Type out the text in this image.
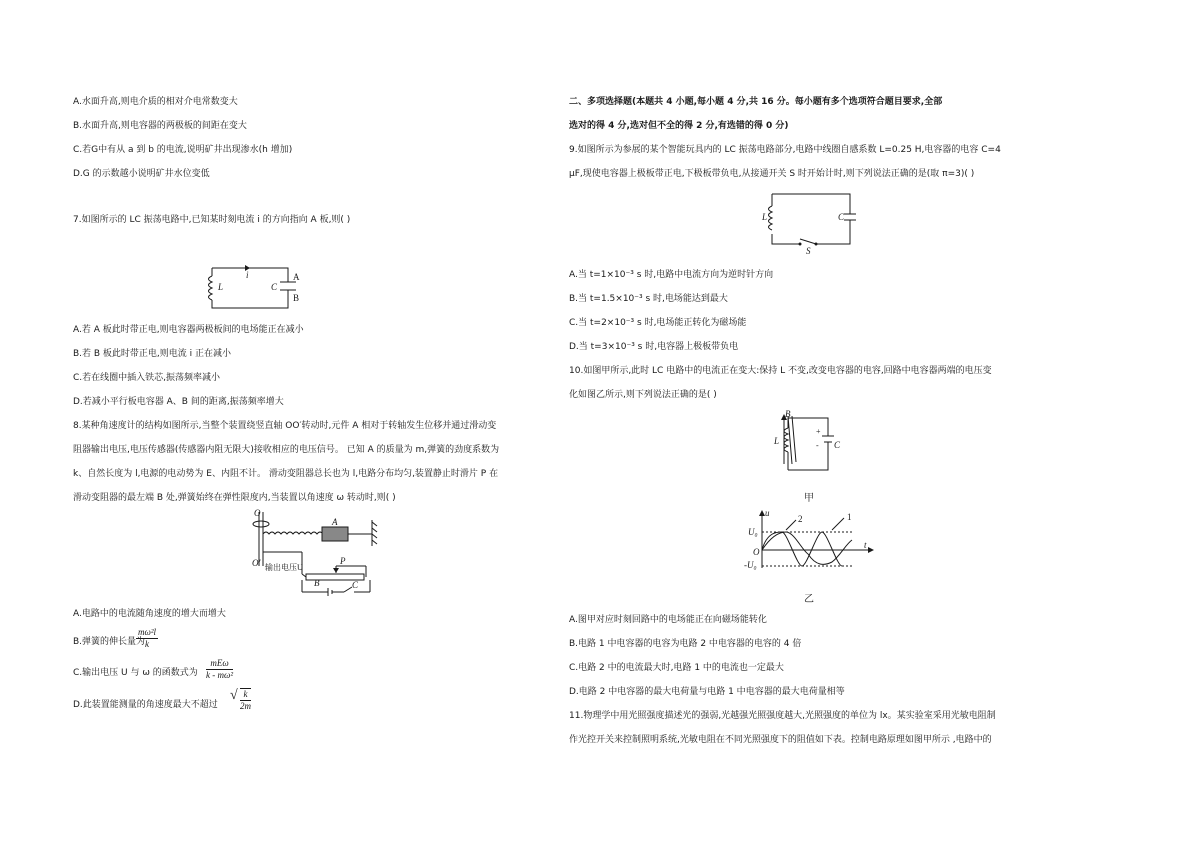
A.水面升高,则电介质的相对介电常数变大
B.水面升高,则电容器的两极板的间距在变大
C.若G中有从 a 到 b 的电流,说明矿井出现渗水(h 增加)
D.G 的示数越小说明矿井水位变低
7.如图所示的 LC 振荡电路中,已知某时刻电流 i 的方向指向 A 板,则( )
i
L	C
A
B
A.若 A 板此时带正电,则电容器两极板间的电场能正在减小
B.若 B 板此时带正电,则电流 i 正在减小
C.若在线圈中插入铁芯,振荡频率减小
D.若减小平行板电容器 A、B 间的距离,振荡频率增大
8.某种角速度计的结构如图所示,当整个装置绕竖直轴 OO′转动时,元件 A 相对于转轴发生位移并通过滑动变
阻器输出电压,电压传感器(传感器内阻无限大)接收相应的电压信号。 已知 A 的质量为 m,弹簧的劲度系数为
k、自然长度为 l,电源的电动势为 E、内阻不计。 滑动变阻器总长也为 l,电路分布均匀,装置静止时滑片 P 在
滑动变阻器的最左端 B 处,弹簧始终在弹性限度内,当装置以角速度 ω 转动时,则( )
O
O′
A
输出电压U
P
B	C
A.电路中的电流随角速度的增大而增大
B.弹簧的伸长量为
$\frac{\text{mω²l}}{k}$
C.输出电压 U 与 ω 的函数式为
mEω
k - mω²
D.此装置能测量的角速度最大不超过
√ $\frac{k}{2m}$
二、多项选择题(本题共 4 小题,每小题 4 分,共 16 分。每小题有多个选项符合题目要求,全部
选对的得 4 分,选对但不全的得 2 分,有选错的得 0 分)
9.如图所示为参展的某个智能玩具内的 LC 振荡电路部分,电路中线圈自感系数 L=0.25 H,电容器的电容 C=4
μF,现使电容器上极板带正电,下极板带负电,从接通开关 S 时开始计时,则下列说法正确的是(取 π=3)( )
L	C
S
A.当 t=1×10⁻³ s 时,电路中电流方向为逆时针方向
B.当 t=1.5×10⁻³ s 时,电场能达到最大
C.当 t=2×10⁻³ s 时,电场能正转化为磁场能
D.当 t=3×10⁻³ s 时,电容器上极板带负电
10.如图甲所示,此时 LC 电路中的电流正在变大:保持 L 不变,改变电容器的电容,回路中电容器两端的电压变
化如图乙所示,则下列说法正确的是( )
+
-
B
L	C
甲
u
U₀
O
-U₀
t
1
2
乙
A.图甲对应时刻回路中的电场能正在向磁场能转化
B.电路 1 中电容器的电容为电路 2 中电容器的电容的 4 倍
C.电路 2 中的电流最大时,电路 1 中的电流也一定最大
D.电路 2 中电容器的最大电荷量与电路 1 中电容器的最大电荷量相等
11.物理学中用光照强度描述光的强弱,光越强光照强度越大,光照强度的单位为 lx。某实验室采用光敏电阻制
作光控开关来控制照明系统,光敏电阻在不同光照强度下的阻值如下表。控制电路原理如图甲所示 ,电路中的
